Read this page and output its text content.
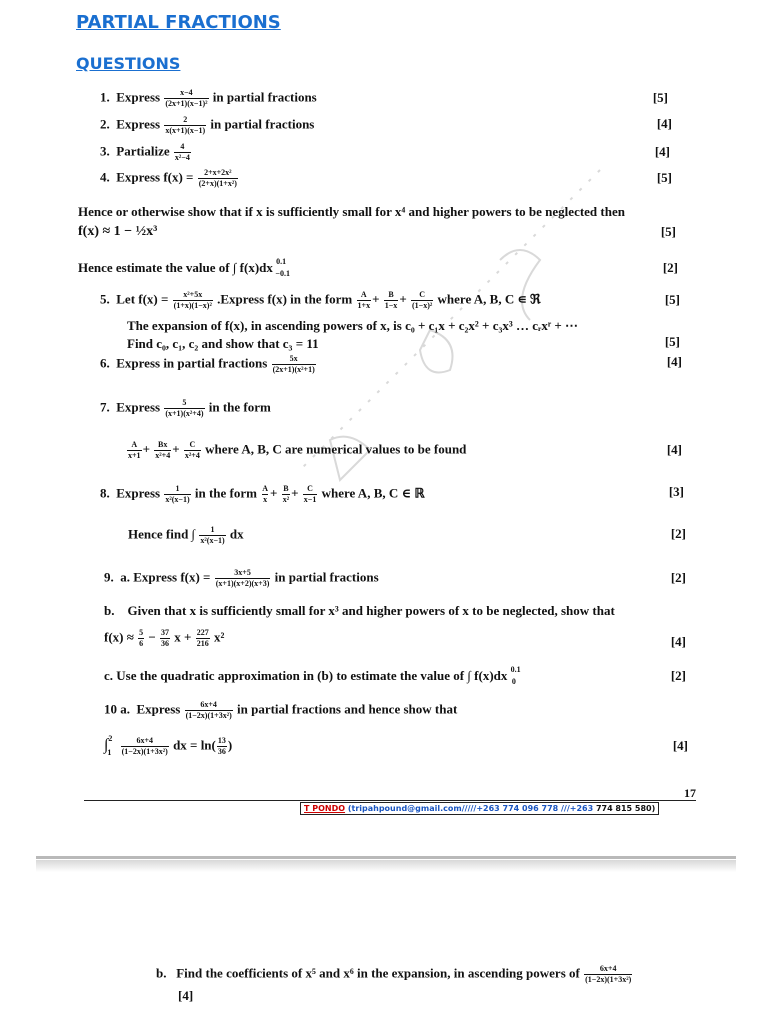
PARTIAL FRACTIONS
QUESTIONS
1. Express $\frac{x-4}{\text{(2x+1)(x−1)²}}$ in partial fractions	[5]
2. Express $\frac{2}{x(x+1)(x-1)}$ in partial fractions	[4]
3. Partialize $\frac{4}{\text{x²−4}}$	[4]
4. Express $f(x) = \frac{\text{2+x+2x²}}{\text{(2+x)(1+x²)}}$	[5]
Hence or otherwise show that if x is sufficiently small for x⁴ and higher powers to be neglected then
f(x) ≈ 1 − ½x³	[5]
Hence estimate the value of ∫ f(x)dx $^{0.1}$ $_{-0.1}$	[2]
5. Let $f(x) = \frac{\text{x²+5x}}{\text{(1+x)(1−x)²}}$ .Express f(x) in the form $\frac{A}{1+x} + \frac{B}{1-x} + \frac{C}{\text{(1−x)²}}$ where A, B, C ∊ ℜ	[5]
The expansion of f(x), in ascending powers of x, is c₀ + c₁x + c₂x² + c₃x³ … cᵣxʳ + ⋯
Find c₀, c₁, c₂ and show that c₃ = 11	[5]
6. Express in partial fractions $\frac{5x}{\text{(2x+1)(x²+1)}}$	[4]
7. Express $\frac{5}{\text{(x+1)(x²+4)}}$ in the form
$\frac{A}{x+1} + \frac{Bx}{\text{x²+4}} + \frac{C}{\text{x²+4}}$ where A, B, C are numerical values to be found	[4]
8. Express $\frac{1}{\text{x²(x−1)}}$ in the form $\frac{A}{x} + \frac{B}{\text{x²}} + \frac{C}{x-1}$ where A, B, C ∈ ℝ	[3]
Hence find ∫ $\frac{1}{\text{x²(x−1)}}$ dx	[2]
9. a. Express $f(x) = \frac{3x+5}{(x+1)(x+2)(x+3)}$ in partial fractions	[2]
b. Given that x is sufficiently small for x³ and higher powers of x to be neglected, show that
$f(x) \approx \frac{5}{6} - \frac{37}{36}$ $x + \frac{227}{216} x^2$	[4]
c. Use the quadratic approximation in (b) to estimate the value of ∫ f(x)dx $^{0.1}$ $_0$	[2]
10 a. Express $\frac{6x+4}{\text{(1−2x)(1+3x²)}}$ in partial fractions and hence show that
$\int^2_1 \frac{6x+4}{\text{(1−2x)(1+3x²)}}$ dx = $\ln( \frac{13}{36}$ )	[4]
17
T PONDO (tripahpound@gmail.com/////+263 774 096 778 ///+263 774 815 580)
b. Find the coefficients of x⁵ and x⁶ in the expansion, in ascending powers of $\frac{6x+4}{\text{(1−2x)(1+3x²)}}$
[4]
